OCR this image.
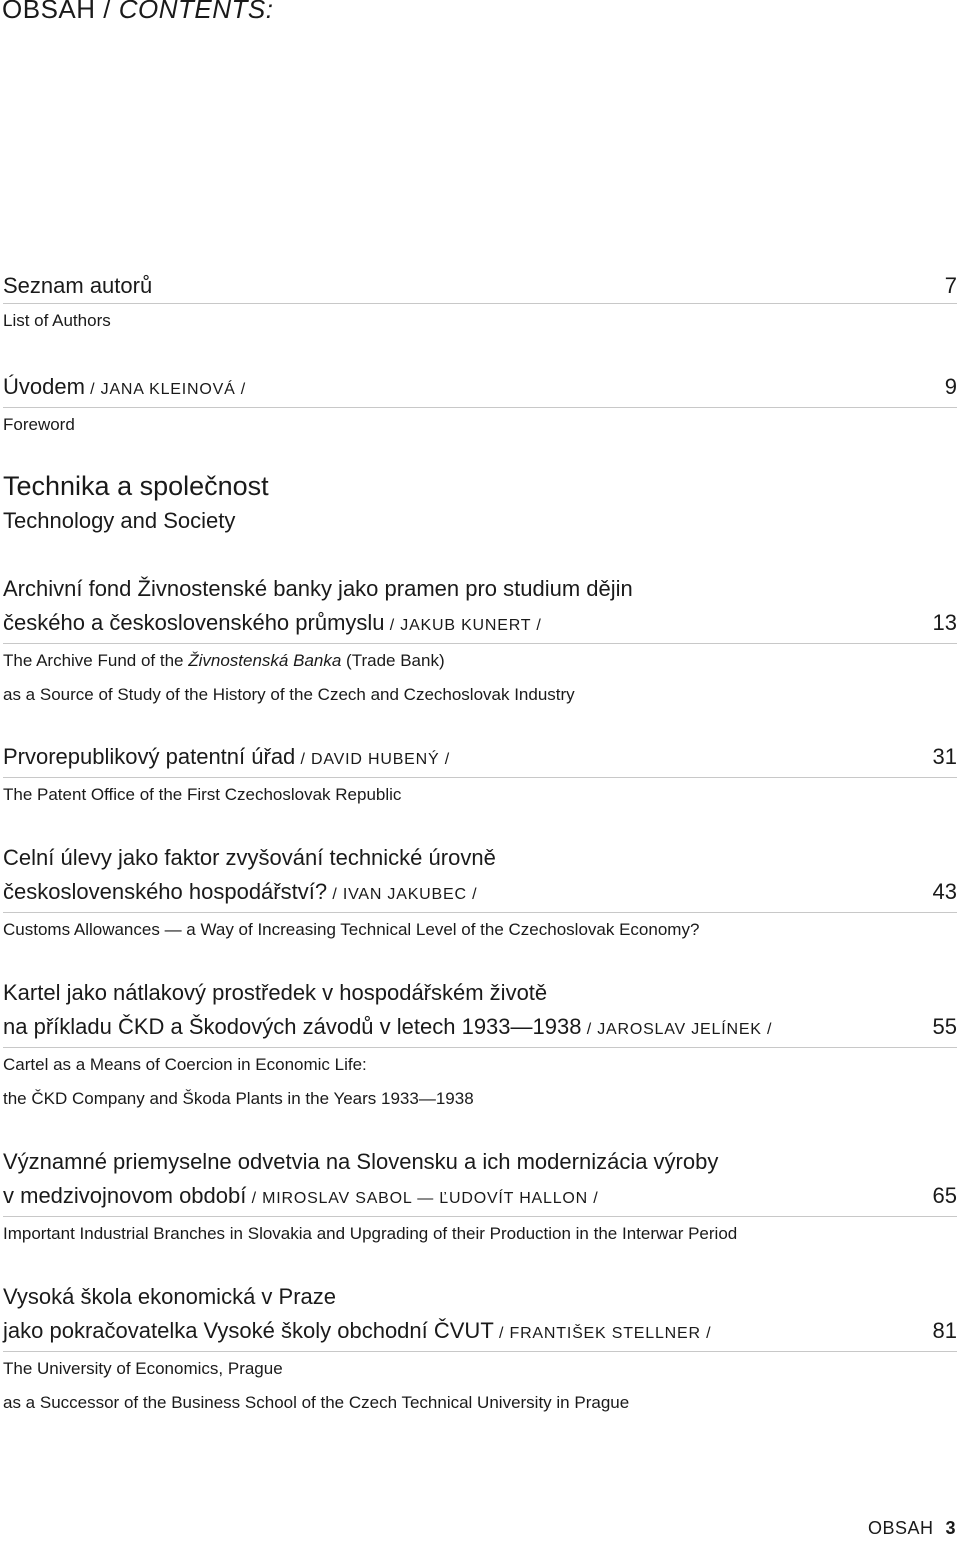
OBSAH / CONTENTS:
Seznam autorů	7
List of Authors
Úvodem / JANA KLEINOVÁ /	9
Foreword
Technika a společnost
Technology and Society
Archivní fond Živnostenské banky jako pramen pro studium dějin
českého a československého průmyslu / JAKUB KUNERT /	13
The Archive Fund of the Živnostenská Banka (Trade Bank)
as a Source of Study of the History of the Czech and Czechoslovak Industry
Prvorepublikový patentní úřad / DAVID HUBENÝ /	31
The Patent Office of the First Czechoslovak Republic
Celní úlevy jako faktor zvyšování technické úrovně
československého hospodářství? / IVAN JAKUBEC /	43
Customs Allowances — a Way of Increasing Technical Level of the Czechoslovak Economy?
Kartel jako nátlakový prostředek v hospodářském životě
na příkladu ČKD a Škodových závodů v letech 1933—1938 / JAROSLAV JELÍNEK /	55
Cartel as a Means of Coercion in Economic Life:
the ČKD Company and Škoda Plants in the Years 1933—1938
Významné priemyselne odvetvia na Slovensku a ich modernizácia výroby
v medzivojnovom období / MIROSLAV SABOL — ĽUDOVÍT HALLON /	65
Important Industrial Branches in Slovakia and Upgrading of their Production in the Interwar Period
Vysoká škola ekonomická v Praze
jako pokračovatelka Vysoké školy obchodní ČVUT / FRANTIŠEK STELLNER /	81
The University of Economics, Prague
as a Successor of the Business School of the Czech Technical University in Prague
OBSAH 3
